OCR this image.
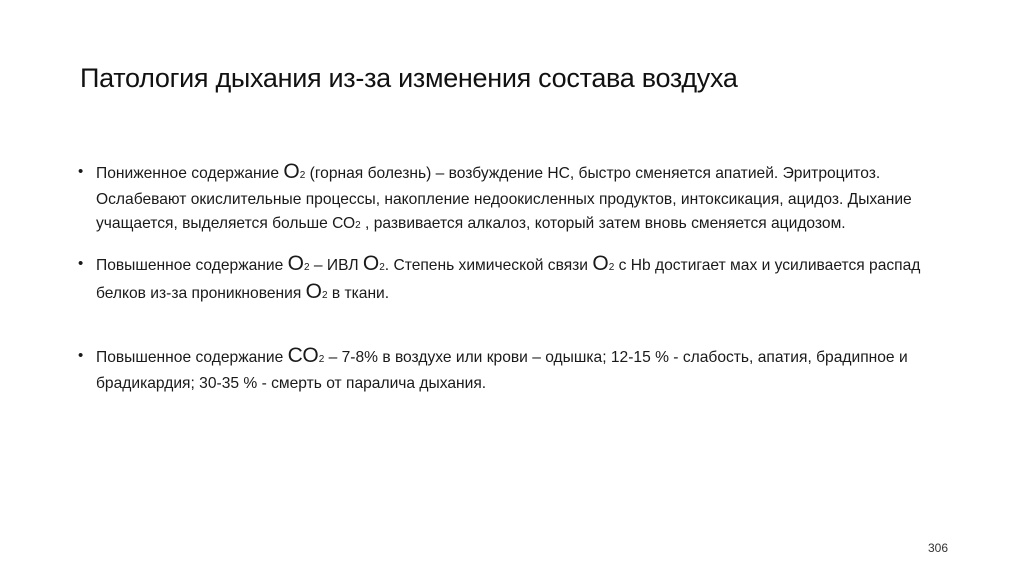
Патология дыхания из-за изменения состава воздуха
• Пониженное содержание О2 (горная болезнь) – возбуждение НС, быстро сменяется апатией. Эритроцитоз. Ослабевают окислительные процессы, накопление недоокисленных продуктов, интоксикация, ацидоз. Дыхание учащается, выделяется больше СО2 , развивается алкалоз, который затем вновь сменяется ацидозом.
• Повышенное содержание О2 – ИВЛ О2. Степень химической связи О2 с Hb достигает мах и усиливается распад белков из-за проникновения О2 в ткани.
• Повышенное содержание СО2 – 7-8% в воздухе или крови – одышка; 12-15 % - слабость, апатия, брадипное и брадикардия; 30-35 % - смерть от паралича дыхания.
306
